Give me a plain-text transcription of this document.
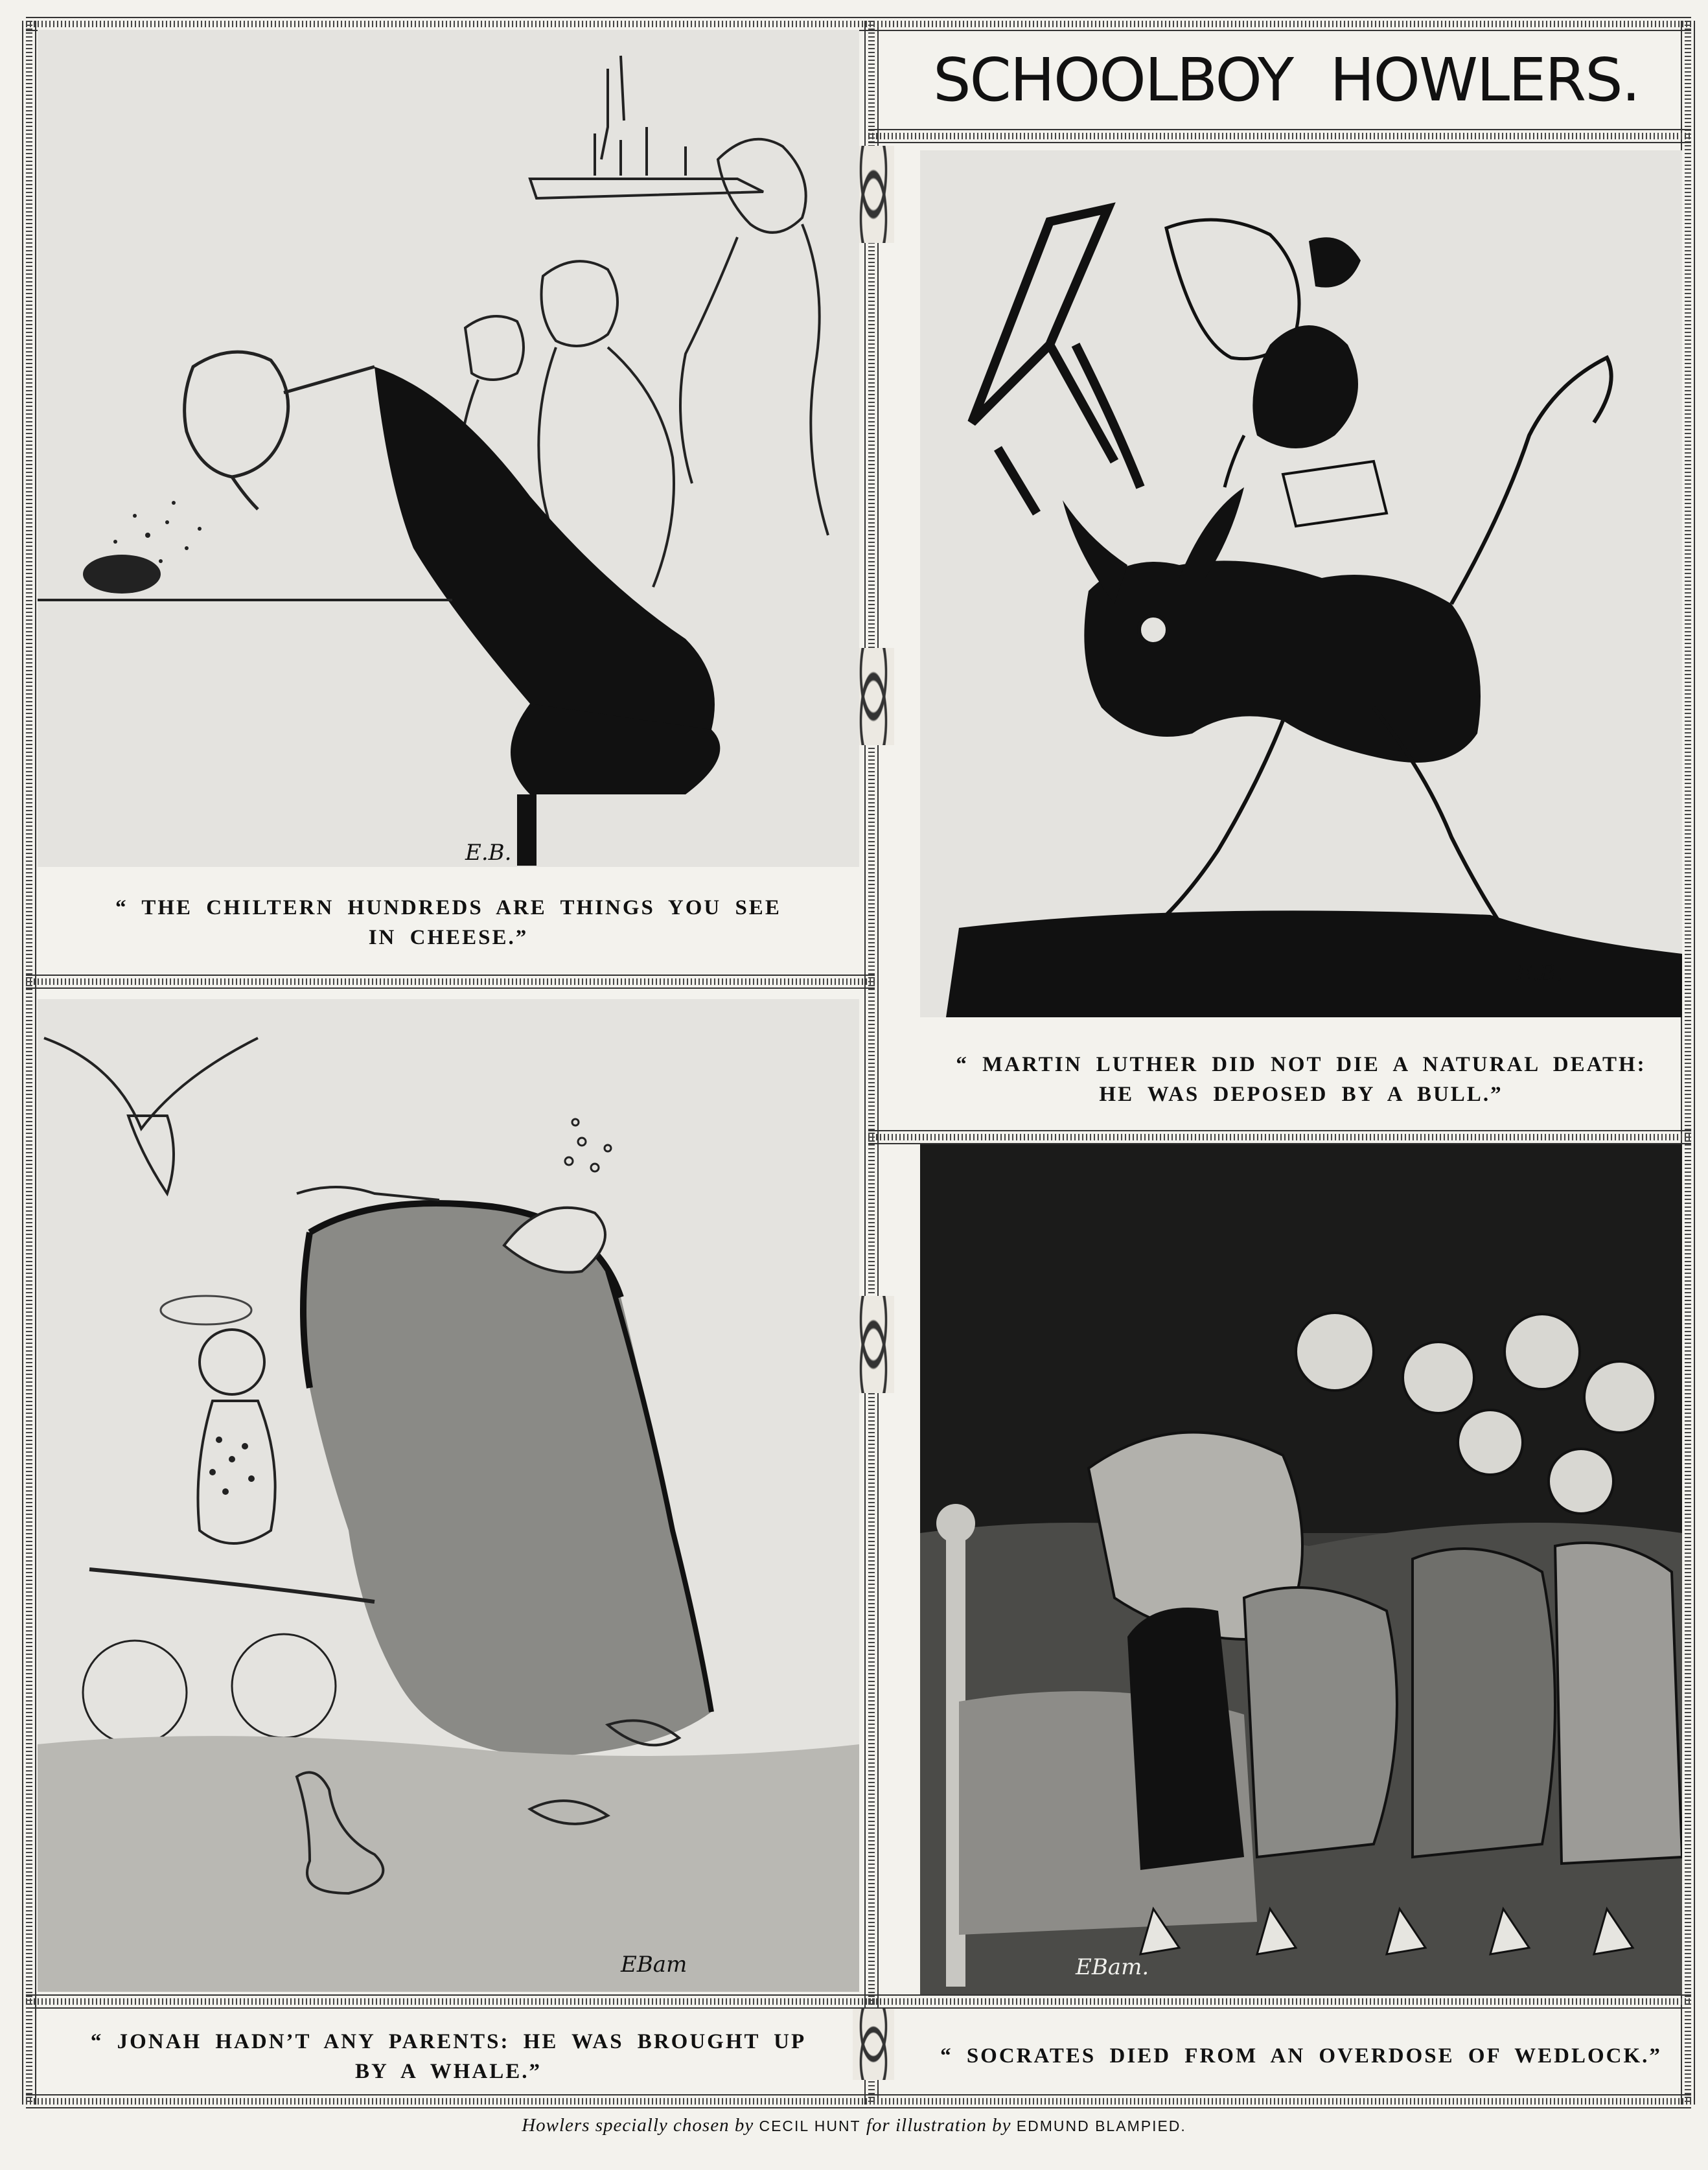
SCHOOLBOY HOWLERS.
E.B.
“ THE CHILTERN HUNDREDS ARE THINGS YOU SEE
IN CHEESE.”
E.B.
“ MARTIN LUTHER DID NOT DIE A NATURAL DEATH:
HE WAS DEPOSED BY A BULL.”
EBam
“ JONAH HADN’T ANY PARENTS: HE WAS BROUGHT UP
BY A WHALE.”
EBam.
“ SOCRATES DIED FROM AN OVERDOSE OF WEDLOCK.”
Howlers specially chosen by CECIL HUNT for illustration by EDMUND BLAMPIED.
